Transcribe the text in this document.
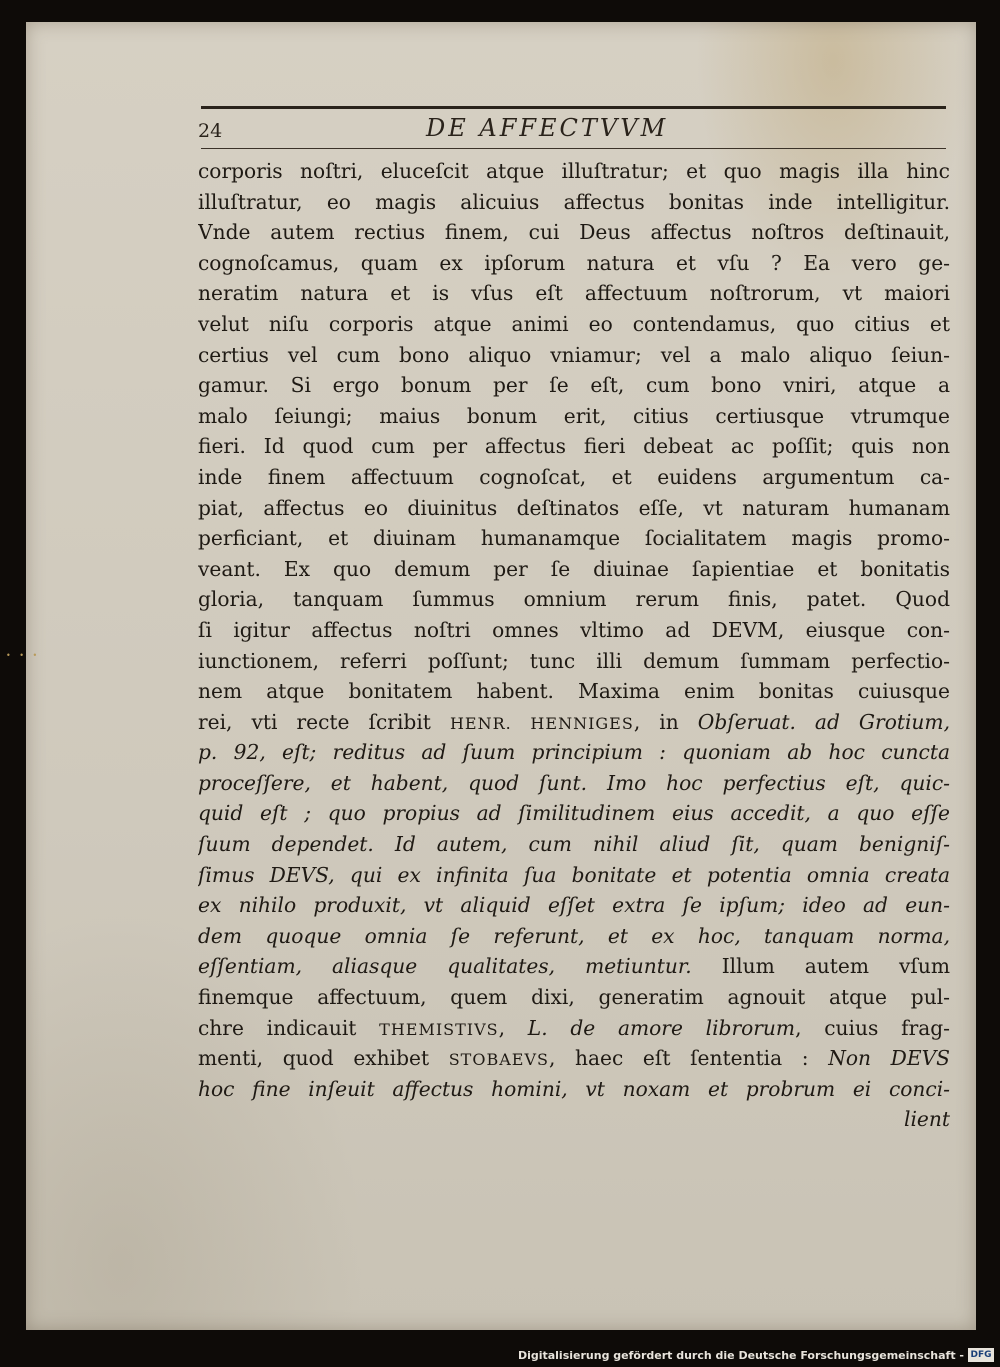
24	DE AFFECTVVM
corporis noſtri, eluceſcit atque illuſtratur; et quo magis illa hinc
illuſtratur, eo magis alicuius affectus bonitas inde intelligitur.
Vnde autem rectius finem, cui Deus affectus noſtros deſtinauit,
cognoſcamus, quam ex ipſorum natura et vſu ? Ea vero ge-
neratim natura et is vſus eſt affectuum noſtrorum, vt maiori
velut niſu corporis atque animi eo contendamus, quo citius et
certius vel cum bono aliquo vniamur; vel a malo aliquo ſeiun-
gamur. Si ergo bonum per ſe eſt, cum bono vniri, atque a
malo ſeiungi; maius bonum erit, citius certiusque vtrumque
fieri. Id quod cum per affectus fieri debeat ac poſſit; quis non
inde finem affectuum cognoſcat, et euidens argumentum ca-
piat, affectus eo diuinitus deſtinatos eſſe, vt naturam humanam
perficiant, et diuinam humanamque ſocialitatem magis promo-
veant. Ex quo demum per ſe diuinae ſapientiae et bonitatis
gloria, tanquam ſummus omnium rerum finis, patet. Quod
ſi igitur affectus noſtri omnes vltimo ad DEVM, eiusque con-
iunctionem, referri poſſunt; tunc illi demum ſummam perfectio-
nem atque bonitatem habent. Maxima enim bonitas cuiusque
rei, vti recte ſcribit HENR. HENNIGES, in Obſeruat. ad Grotium,
p. 92, eſt; reditus ad ſuum principium : quoniam ab hoc cuncta
proceſſere, et habent, quod ſunt. Imo hoc perfectius eſt, quic-
quid eſt ; quo propius ad ſimilitudinem eius accedit, a quo eſſe
ſuum dependet. Id autem, cum nihil aliud ſit, quam benigniſ-
ſimus DEVS, qui ex infinita ſua bonitate et potentia omnia creata
ex nihilo produxit, vt aliquid eſſet extra ſe ipſum; ideo ad eun-
dem quoque omnia ſe referunt, et ex hoc, tanquam norma,
eſſentiam, aliasque qualitates, metiuntur. Illum autem vſum
finemque affectuum, quem dixi, generatim agnouit atque pul-
chre indicauit THEMISTIVS, L. de amore librorum, cuius frag-
menti, quod exhibet STOBAEVS, haec eſt ſententia : Non DEVS
hoc fine inſeuit affectus homini, vt noxam et probrum ei conci-
lient
• • •
Digitalisierung gefördert durch die Deutsche Forschungsgemeinschaft - DFG
